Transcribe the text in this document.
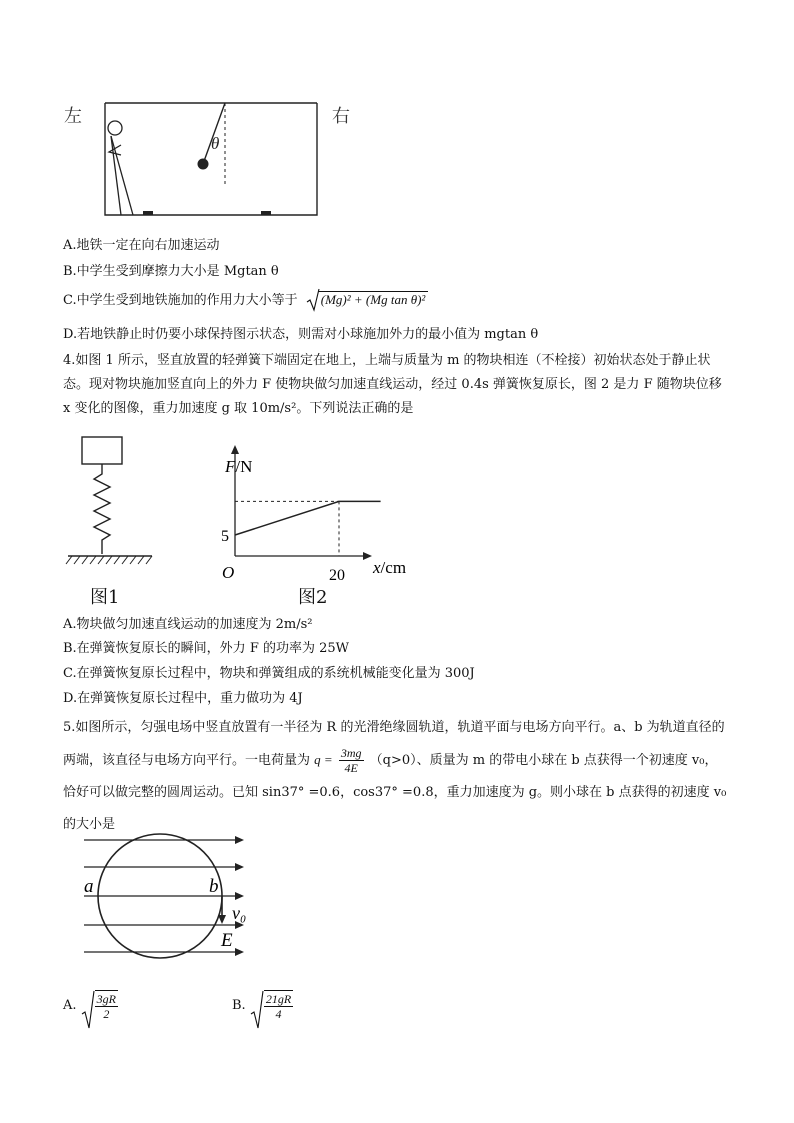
左	右
θ
A.地铁一定在向右加速运动
B.中学生受到摩擦力大小是 Mgtan θ
C.中学生受到地铁施加的作用力大小等于 (Mg)² + (Mg tan θ)²
D.若地铁静止时仍要小球保持图示状态，则需对小球施加外力的最小值为 mgtan θ
4.如图 1 所示，竖直放置的轻弹簧下端固定在地上，上端与质量为 m 的物块相连（不栓接）初始状态处于静止状态。现对物块施加竖直向上的外力 F 使物块做匀加速直线运动，经过 0.4s 弹簧恢复原长，图 2 是力 F 随物块位移 x 变化的图像，重力加速度 g 取 10m/s²。下列说法正确的是
图1
F/N
5
O	20 x/cm
图2
A.物块做匀加速直线运动的加速度为 2m/s²
B.在弹簧恢复原长的瞬间，外力 F 的功率为 25W
C.在弹簧恢复原长过程中，物块和弹簧组成的系统机械能变化量为 300J
D.在弹簧恢复原长过程中，重力做功为 4J
5.如图所示，匀强电场中竖直放置有一半径为 R 的光滑绝缘圆轨道，轨道平面与电场方向平行。a、b 为轨道直径的两端，该直径与电场方向平行。一电荷量为 $q = \frac{3mg}{4E} (q>0)$、质量为 m 的带电小球在 b 点获得一个初速度 v₀，恰好可以做完整的圆周运动。已知 sin37° =0.6，cos37° =0.8，重力加速度为 g。则小球在 b 点获得的初速度 v₀ 的大小是
a	b
v₀
E
A. $\frac{3gR}{2}$	B. $\frac{21gR}{4}$
